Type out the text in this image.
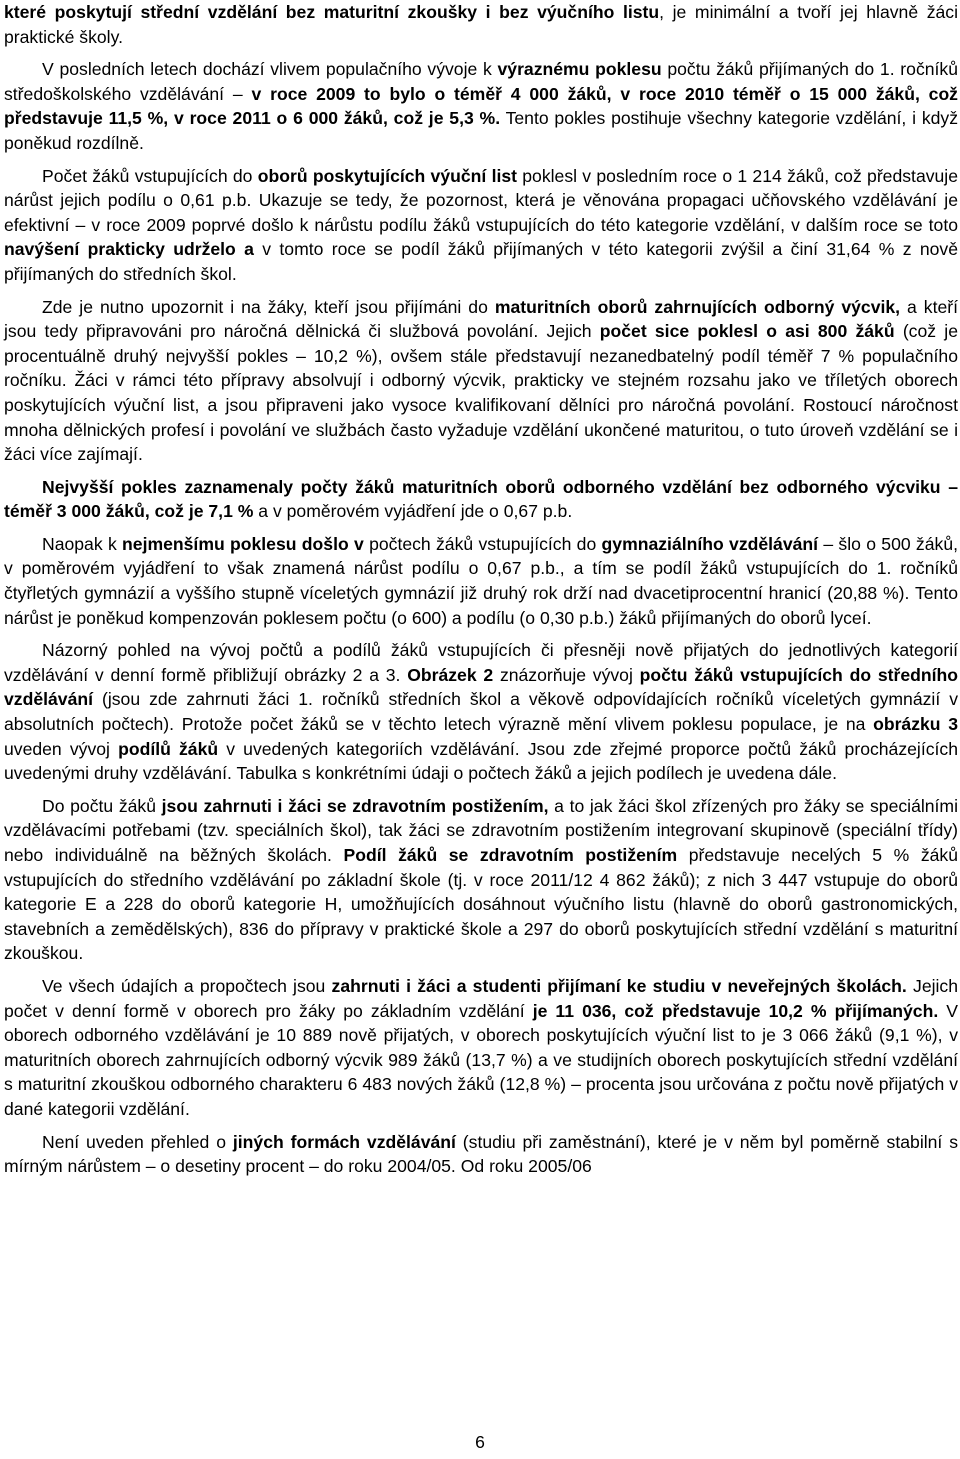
které poskytují střední vzdělání bez maturitní zkoušky i bez výučního listu, je minimální a tvoří jej hlavně žáci praktické školy.

V posledních letech dochází vlivem populačního vývoje k výraznému poklesu počtu žáků přijímaných do 1. ročníků středoškolského vzdělávání – v roce 2009 to bylo o téměř 4 000 žáků, v roce 2010 téměř o 15 000 žáků, což představuje 11,5 %, v roce 2011 o 6 000 žáků, což je 5,3 %. Tento pokles postihuje všechny kategorie vzdělání, i když poněkud rozdílně.

Počet žáků vstupujících do oborů poskytujících výuční list poklesl v posledním roce o 1 214 žáků, což představuje nárůst jejich podílu o 0,61 p.b. Ukazuje se tedy, že pozornost, která je věnována propagaci učňovského vzdělávání je efektivní – v roce 2009 poprvé došlo k nárůstu podílu žáků vstupujících do této kategorie vzdělání, v dalším roce se toto navýšení prakticky udrželo a v tomto roce se podíl žáků přijímaných v této kategorii zvýšil a činí 31,64 % z nově přijímaných do středních škol.

Zde je nutno upozornit i na žáky, kteří jsou přijímáni do maturitních oborů zahrnujících odborný výcvik, a kteří jsou tedy připravováni pro náročná dělnická či službová povolání. Jejich počet sice poklesl o asi 800 žáků (což je procentuálně druhý nejvyšší pokles – 10,2 %), ovšem stále představují nezanedbatelný podíl téměř 7 % populačního ročníku. Žáci v rámci této přípravy absolvují i odborný výcvik, prakticky ve stejném rozsahu jako ve tříletých oborech poskytujících výuční list, a jsou připraveni jako vysoce kvalifikovaní dělníci pro náročná povolání. Rostoucí náročnost mnoha dělnických profesí i povolání ve službách často vyžaduje vzdělání ukončené maturitou, o tuto úroveň vzdělání se i žáci více zajímají.

Nejvyšší pokles zaznamenaly počty žáků maturitních oborů odborného vzdělání bez odborného výcviku – téměř 3 000 žáků, což je 7,1 % a v poměrovém vyjádření jde o 0,67 p.b.

Naopak k nejmenšímu poklesu došlo v počtech žáků vstupujících do gymnaziálního vzdělávání – šlo o 500 žáků, v poměrovém vyjádření to však znamená nárůst podílu o 0,67 p.b., a tím se podíl žáků vstupujících do 1. ročníků čtyřletých gymnázií a vyššího stupně víceletých gymnázií již druhý rok drží nad dvacetiprocentní hranicí (20,88 %). Tento nárůst je poněkud kompenzován poklesem počtu (o 600) a podílu (o 0,30 p.b.) žáků přijímaných do oborů lyceí.

Názorný pohled na vývoj počtů a podílů žáků vstupujících či přesněji nově přijatých do jednotlivých kategorií vzdělávání v denní formě přibližují obrázky 2 a 3. Obrázek 2 znázorňuje vývoj počtu žáků vstupujících do středního vzdělávání (jsou zde zahrnuti žáci 1. ročníků středních škol a věkově odpovídajících ročníků víceletých gymnázií v absolutních počtech). Protože počet žáků se v těchto letech výrazně mění vlivem poklesu populace, je na obrázku 3 uveden vývoj podílů žáků v uvedených kategoriích vzdělávání. Jsou zde zřejmé proporce počtů žáků procházejících uvedenými druhy vzdělávání. Tabulka s konkrétními údaji o počtech žáků a jejich podílech je uvedena dále.

Do počtu žáků jsou zahrnuti i žáci se zdravotním postižením, a to jak žáci škol zřízených pro žáky se speciálními vzdělávacími potřebami (tzv. speciálních škol), tak žáci se zdravotním postižením integrovaní skupinově (speciální třídy) nebo individuálně na běžných školách. Podíl žáků se zdravotním postižením představuje necelých 5 % žáků vstupujících do středního vzdělávání po základní škole (tj. v roce 2011/12 4 862 žáků); z nich 3 447 vstupuje do oborů kategorie E a 228 do oborů kategorie H, umožňujících dosáhnout výučního listu (hlavně do oborů gastronomických, stavebních a zemědělských), 836 do přípravy v praktické škole a 297 do oborů poskytujících střední vzdělání s maturitní zkouškou.

Ve všech údajích a propočtech jsou zahrnuti i žáci a studenti přijímaní ke studiu v neveřejných školách. Jejich počet v denní formě v oborech pro žáky po základním vzdělání je 11 036, což představuje 10,2 % přijímaných. V oborech odborného vzdělávání je 10 889 nově přijatých, v oborech poskytujících výuční list to je 3 066 žáků (9,1 %), v maturitních oborech zahrnujících odborný výcvik 989 žáků (13,7 %) a ve studijních oborech poskytujících střední vzdělání s maturitní zkouškou odborného charakteru 6 483 nových žáků (12,8 %) – procenta jsou určována z počtu nově přijatých v dané kategorii vzdělání.

Není uveden přehled o jiných formách vzdělávání (studiu při zaměstnání), které je v něm byl poměrně stabilní s mírným nárůstem – o desetiny procent – do roku 2004/05. Od roku 2005/06

6
